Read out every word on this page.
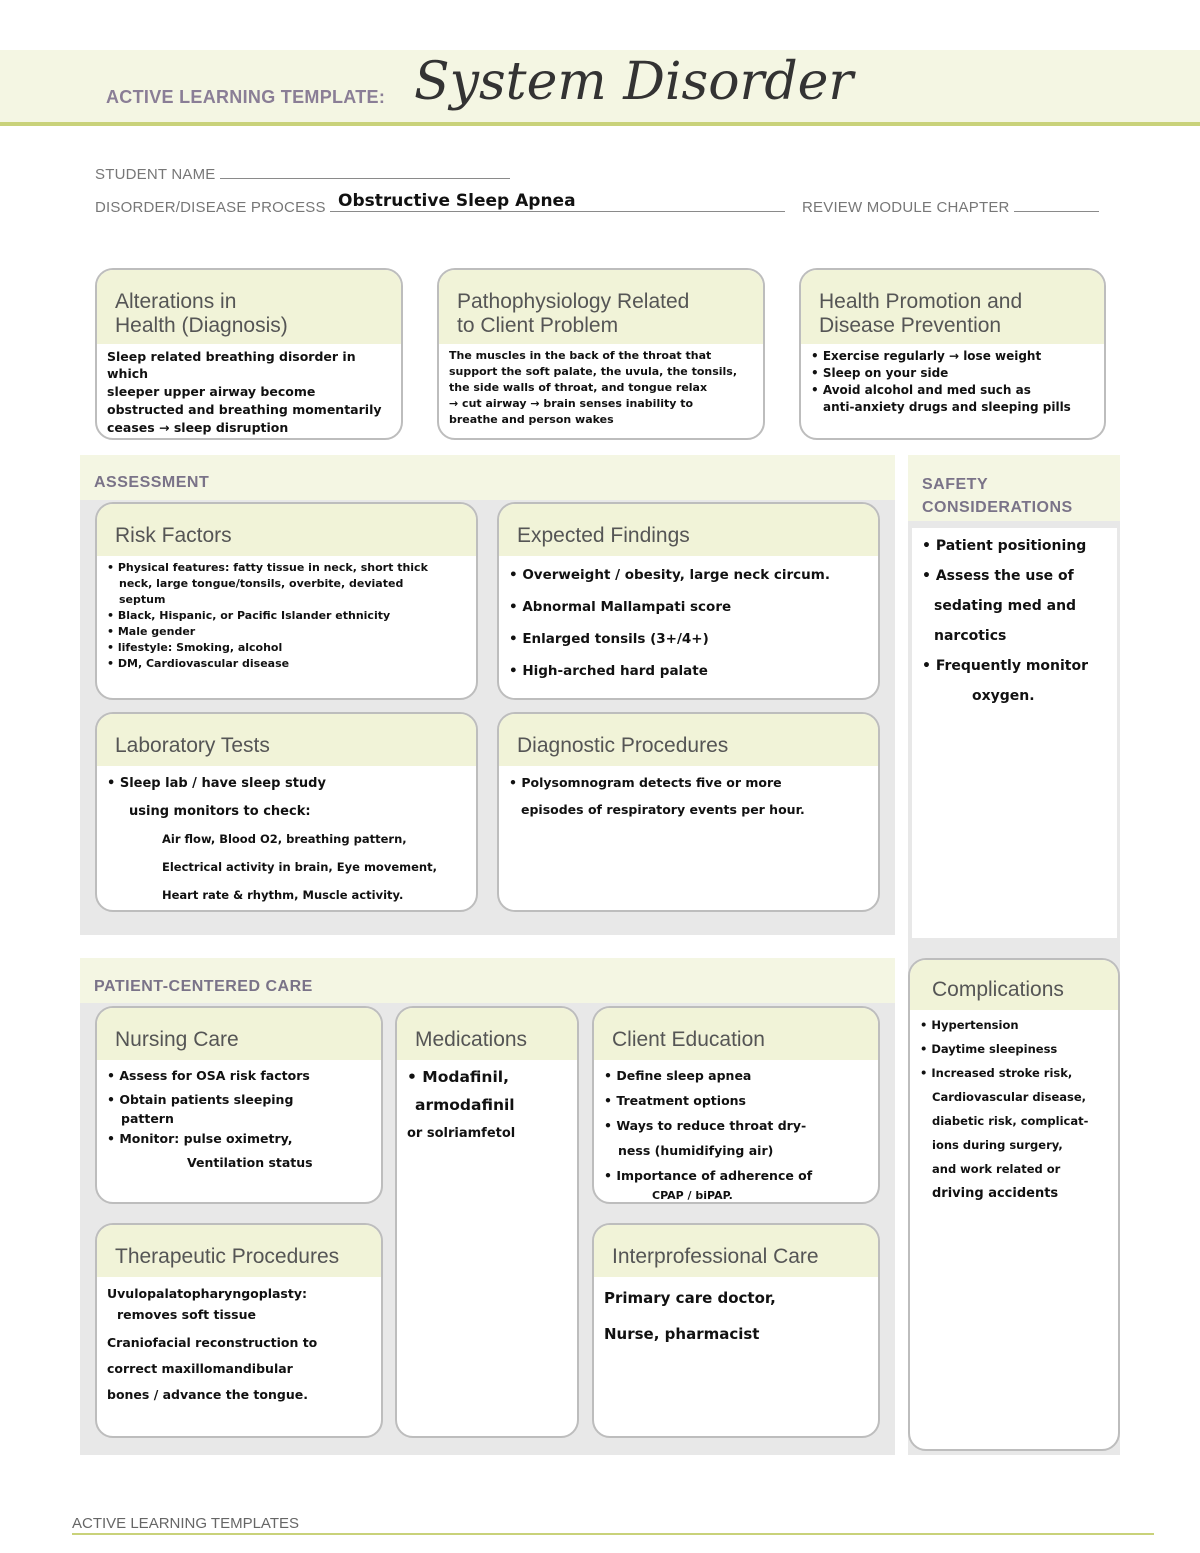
ACTIVE LEARNING TEMPLATE: System Disorder
STUDENT NAME
DISORDER/DISEASE PROCESS Obstructive Sleep Apnea	REVIEW MODULE CHAPTER
Alterations in
Health (Diagnosis)
Sleep related breathing disorder in which
sleeper upper airway become
obstructed and breathing momentarily
ceases → sleep disruption
Pathophysiology Related
to Client Problem
The muscles in the back of the throat that
support the soft palate, the uvula, the tonsils,
the side walls of throat, and tongue relax
→ cut airway → brain senses inability to
breathe and person wakes
Health Promotion and
Disease Prevention
• Exercise regularly → lose weight
• Sleep on your side
• Avoid alcohol and med such as
anti-anxiety drugs and sleeping pills
ASSESSMENT
Risk Factors
• Physical features: fatty tissue in neck, short thick
neck, large tongue/tonsils, overbite, deviated
septum
• Black, Hispanic, or Pacific Islander ethnicity
• Male gender
• lifestyle: Smoking, alcohol
• DM, Cardiovascular disease
Expected Findings
• Overweight / obesity, large neck circum.
• Abnormal Mallampati score
• Enlarged tonsils (3+/4+)
• High-arched hard palate
Laboratory Tests
• Sleep lab / have sleep study
using monitors to check:
Air flow, Blood O2, breathing pattern,
Electrical activity in brain, Eye movement,
Heart rate & rhythm, Muscle activity.
Diagnostic Procedures
• Polysomnogram detects five or more
episodes of respiratory events per hour.
SAFETY
CONSIDERATIONS
• Patient positioning
• Assess the use of
sedating med and
narcotics
• Frequently monitor
oxygen.
PATIENT-CENTERED CARE
Nursing Care
• Assess for OSA risk factors
• Obtain patients sleeping
pattern
• Monitor: pulse oximetry,
Ventilation status
Medications
• Modafinil,
armodafinil
or solriamfetol
Client Education
• Define sleep apnea
• Treatment options
• Ways to reduce throat dry-
ness (humidifying air)
• Importance of adherence of
CPAP / biPAP.
Therapeutic Procedures
Uvulopalatopharyngoplasty:
removes soft tissue
Craniofacial reconstruction to
correct maxillomandibular
bones / advance the tongue.
Interprofessional Care
Primary care doctor,
Nurse, pharmacist
Complications
• Hypertension
• Daytime sleepiness
• Increased stroke risk,
Cardiovascular disease,
diabetic risk, complicat-
ions during surgery,
and work related or
driving accidents
ACTIVE LEARNING TEMPLATES
